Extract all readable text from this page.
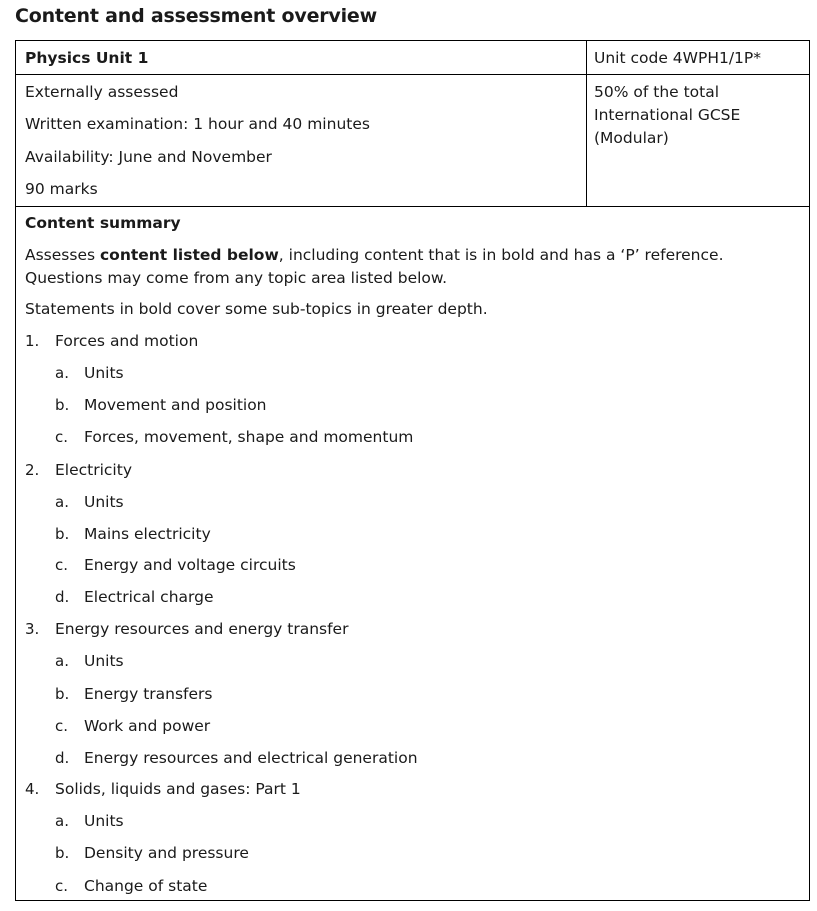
Content and assessment overview
Physics Unit 1	Unit code 4WPH1/1P*
Externally assessed
Written examination: 1 hour and 40 minutes
Availability: June and November
90 marks
50% of the total International GCSE (Modular)
Content summary
Assesses content listed below, including content that is in bold and has a ‘P’ reference. Questions may come from any topic area listed below.
Statements in bold cover some sub-topics in greater depth.
1. Forces and motion
a. Units
b. Movement and position
c. Forces, movement, shape and momentum
2. Electricity
a. Units
b. Mains electricity
c. Energy and voltage circuits
d. Electrical charge
3. Energy resources and energy transfer
a. Units
b. Energy transfers
c. Work and power
d. Energy resources and electrical generation
4. Solids, liquids and gases: Part 1
a. Units
b. Density and pressure
c. Change of state
